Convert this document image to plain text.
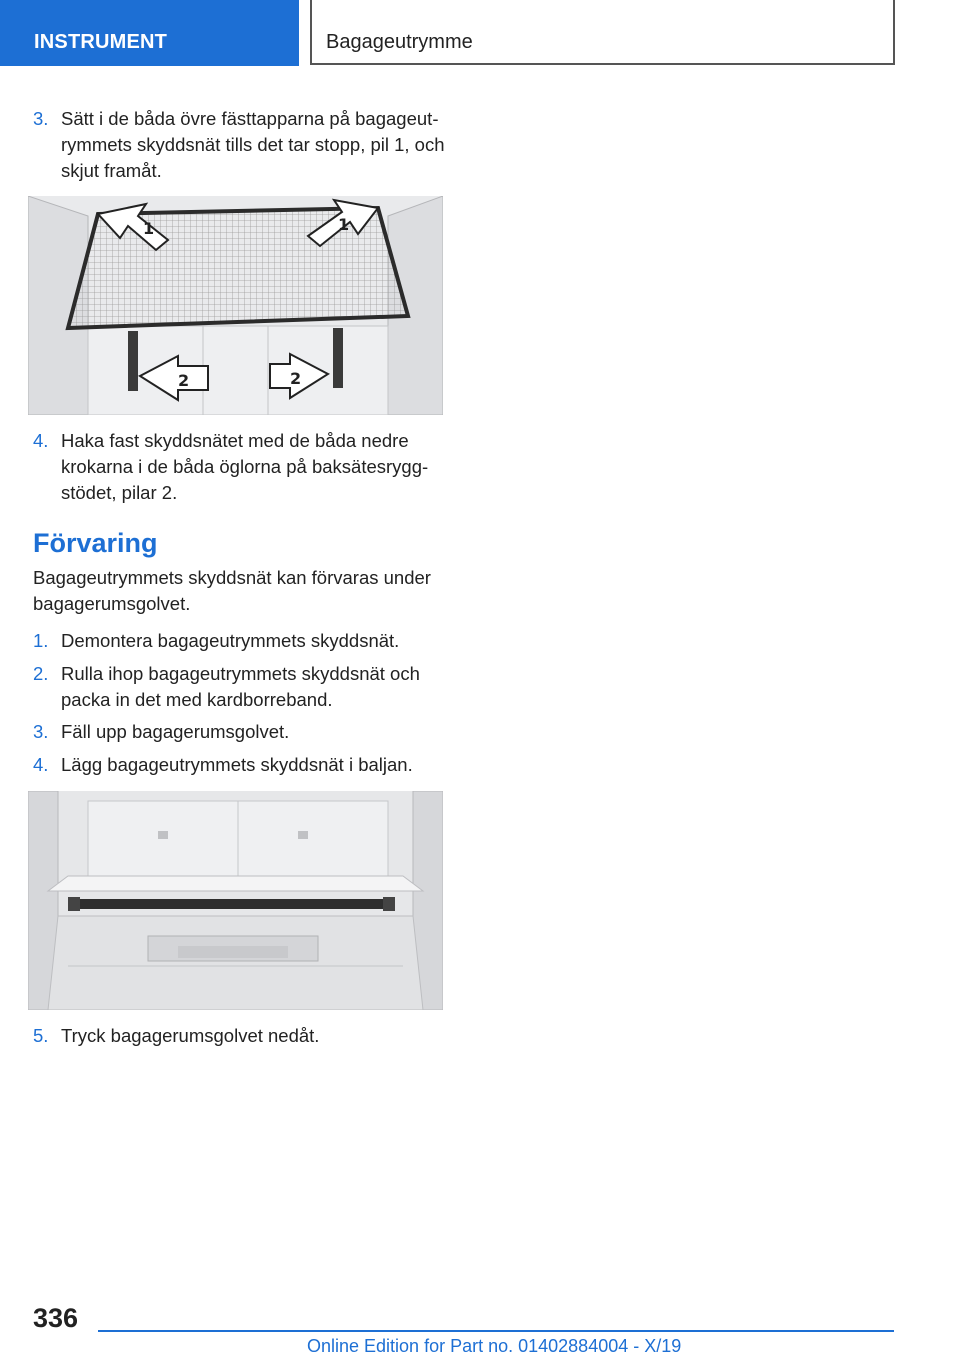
INSTRUMENT	Bagageutrymme
3. Sätt i de båda övre fästtapparna på bagageutrymmets skyddsnät tills det tar stopp, pil 1, och skjut framåt.
1	1
2	2
4. Haka fast skyddsnätet med de båda nedre krokarna i de båda öglorna på baksätesryggstödet, pilar 2.
Förvaring
Bagageutrymmets skyddsnät kan förvaras under bagagerumsgolvet.
1. Demontera bagageutrymmets skyddsnät.
2. Rulla ihop bagageutrymmets skyddsnät och packa in det med kardborreband.
3. Fäll upp bagagerumsgolvet.
4. Lägg bagageutrymmets skyddsnät i baljan.
5. Tryck bagagerumsgolvet nedåt.
336
Online Edition for Part no. 01402884004 - X/19
